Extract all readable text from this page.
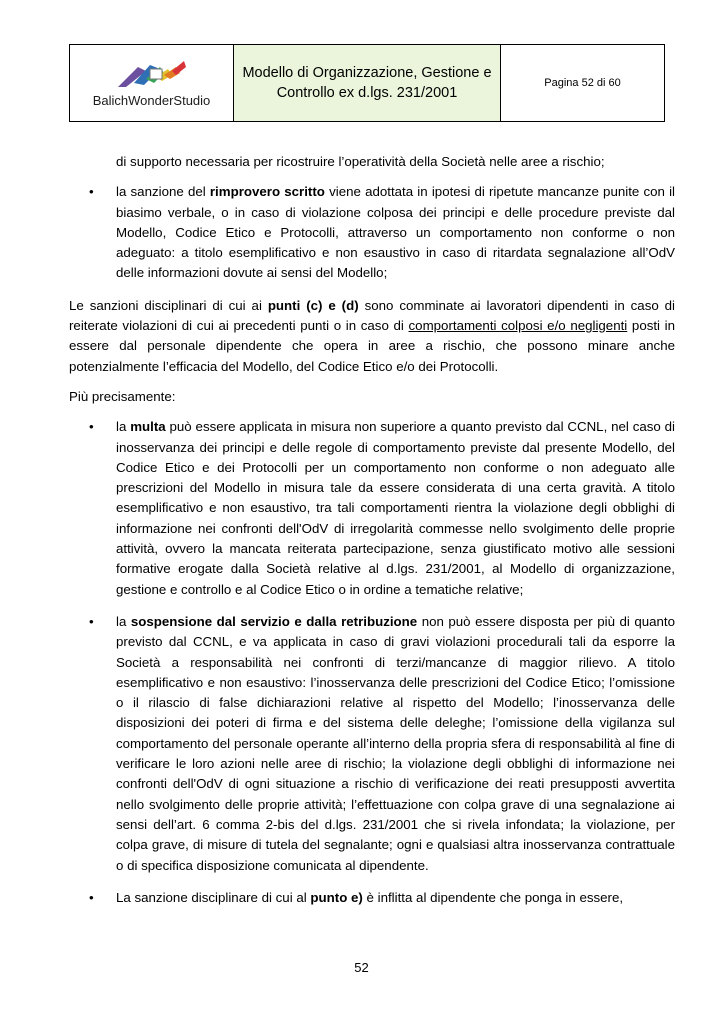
BalichWonderStudio
Modello di Organizzazione, Gestione e Controllo ex d.lgs. 231/2001
Pagina 52 di 60

di supporto necessaria per ricostruire l’operatività della Società nelle aree a rischio;

• la sanzione del rimprovero scritto viene adottata in ipotesi di ripetute mancanze punite con il biasimo verbale, o in caso di violazione colposa dei principi e delle procedure previste dal Modello, Codice Etico e Protocolli, attraverso un comportamento non conforme o non adeguato: a titolo esemplificativo e non esaustivo in caso di ritardata segnalazione all’OdV delle informazioni dovute ai sensi del Modello;

Le sanzioni disciplinari di cui ai punti (c) e (d) sono comminate ai lavoratori dipendenti in caso di reiterate violazioni di cui ai precedenti punti o in caso di comportamenti colposi e/o negligenti posti in essere dal personale dipendente che opera in aree a rischio, che possono minare anche potenzialmente l’efficacia del Modello, del Codice Etico e/o dei Protocolli.

Più precisamente:

• la multa può essere applicata in misura non superiore a quanto previsto dal CCNL, nel caso di inosservanza dei principi e delle regole di comportamento previste dal presente Modello, del Codice Etico e dei Protocolli per un comportamento non conforme o non adeguato alle prescrizioni del Modello in misura tale da essere considerata di una certa gravità. A titolo esemplificativo e non esaustivo, tra tali comportamenti rientra la violazione degli obblighi di informazione nei confronti dell'OdV di irregolarità commesse nello svolgimento delle proprie attività, ovvero la mancata reiterata partecipazione, senza giustificato motivo alle sessioni formative erogate dalla Società relative al d.lgs. 231/2001, al Modello di organizzazione, gestione e controllo e al Codice Etico o in ordine a tematiche relative;
• la sospensione dal servizio e dalla retribuzione non può essere disposta per più di quanto previsto dal CCNL, e va applicata in caso di gravi violazioni procedurali tali da esporre la Società a responsabilità nei confronti di terzi/mancanze di maggior rilievo. A titolo esemplificativo e non esaustivo: l’inosservanza delle prescrizioni del Codice Etico; l’omissione o il rilascio di false dichiarazioni relative al rispetto del Modello; l’inosservanza delle disposizioni dei poteri di firma e del sistema delle deleghe; l’omissione della vigilanza sul comportamento del personale operante all’interno della propria sfera di responsabilità al fine di verificare le loro azioni nelle aree di rischio; la violazione degli obblighi di informazione nei confronti dell'OdV di ogni situazione a rischio di verificazione dei reati presupposti avvertita nello svolgimento delle proprie attività; l’effettuazione con colpa grave di una segnalazione ai sensi dell’art. 6 comma 2-bis del d.lgs. 231/2001 che si rivela infondata; la violazione, per colpa grave, di misure di tutela del segnalante; ogni e qualsiasi altra inosservanza contrattuale o di specifica disposizione comunicata al dipendente.
• La sanzione disciplinare di cui al punto e) è inflitta al dipendente che ponga in essere,
52
